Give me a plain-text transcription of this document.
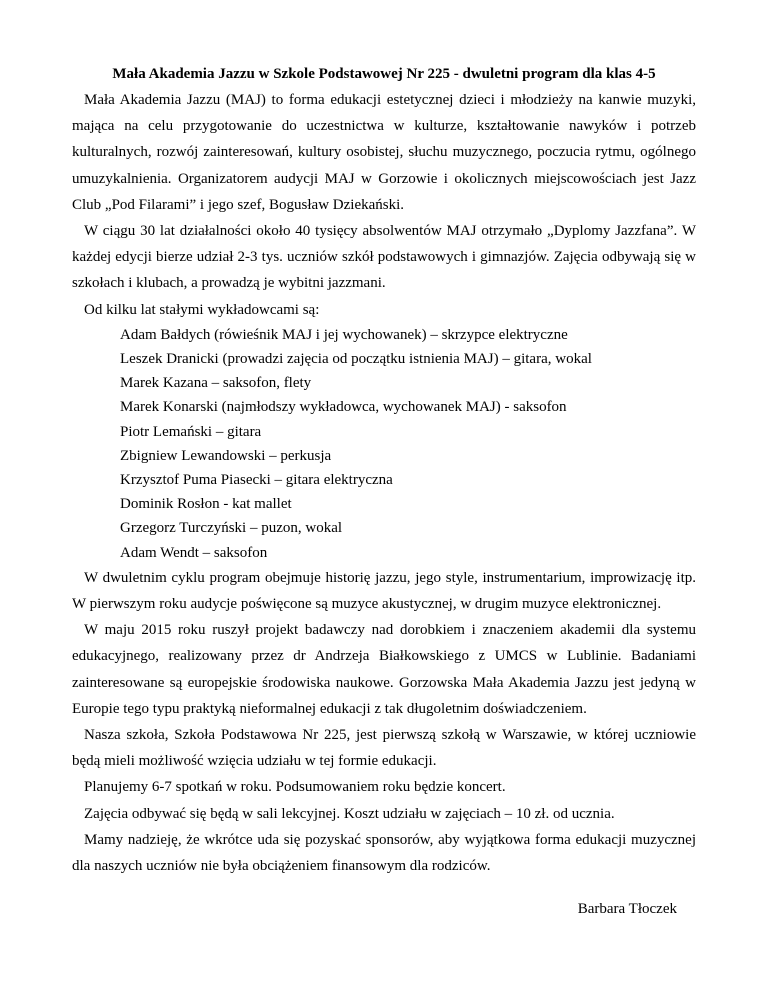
Mała Akademia Jazzu w Szkole Podstawowej Nr 225 - dwuletni program dla klas 4-5

Mała Akademia Jazzu (MAJ) to forma edukacji estetycznej dzieci i młodzieży na kanwie muzyki, mająca na celu przygotowanie do uczestnictwa w kulturze, kształtowanie nawyków i potrzeb kulturalnych, rozwój zainteresowań, kultury osobistej, słuchu muzycznego, poczucia rytmu, ogólnego umuzykalnienia. Organizatorem audycji MAJ w Gorzowie i okolicznych miejscowościach jest Jazz Club „Pod Filarami” i jego szef, Bogusław Dziekański.

W ciągu 30 lat działalności około 40 tysięcy absolwentów MAJ otrzymało „Dyplomy Jazzfana”. W każdej edycji bierze udział 2-3 tys. uczniów szkół podstawowych i gimnazjów. Zajęcia odbywają się w szkołach i klubach, a prowadzą je wybitni jazzmani.

Od kilku lat stałymi wykładowcami są:

Adam Bałdych (rówieśnik MAJ i jej wychowanek) – skrzypce elektryczne
Leszek Dranicki (prowadzi zajęcia od początku istnienia MAJ) – gitara, wokal
Marek Kazana – saksofon, flety
Marek Konarski (najmłodszy wykładowca, wychowanek MAJ) - saksofon
Piotr Lemański – gitara
Zbigniew Lewandowski – perkusja
Krzysztof Puma Piasecki – gitara elektryczna
Dominik Rosłon - kat mallet
Grzegorz Turczyński – puzon, wokal
Adam Wendt – saksofon

W dwuletnim cyklu program obejmuje historię jazzu, jego style, instrumentarium, improwizację itp. W pierwszym roku audycje poświęcone są muzyce akustycznej, w drugim muzyce elektronicznej.

W maju 2015 roku ruszył projekt badawczy nad dorobkiem i znaczeniem akademii dla systemu edukacyjnego, realizowany przez dr Andrzeja Białkowskiego z UMCS w Lublinie. Badaniami zainteresowane są europejskie środowiska naukowe. Gorzowska Mała Akademia Jazzu jest jedyną w Europie tego typu praktyką nieformalnej edukacji z tak długoletnim doświadczeniem.

Nasza szkoła, Szkoła Podstawowa Nr 225, jest pierwszą szkołą w Warszawie, w której uczniowie będą mieli możliwość wzięcia udziału w tej formie edukacji.

Planujemy 6-7 spotkań w roku. Podsumowaniem roku będzie koncert.

Zajęcia odbywać się będą w sali lekcyjnej. Koszt udziału w zajęciach – 10 zł. od ucznia.

Mamy nadzieję, że wkrótce uda się pozyskać sponsorów, aby wyjątkowa forma edukacji muzycznej dla naszych uczniów nie była obciążeniem finansowym dla rodziców.

Barbara Tłoczek
